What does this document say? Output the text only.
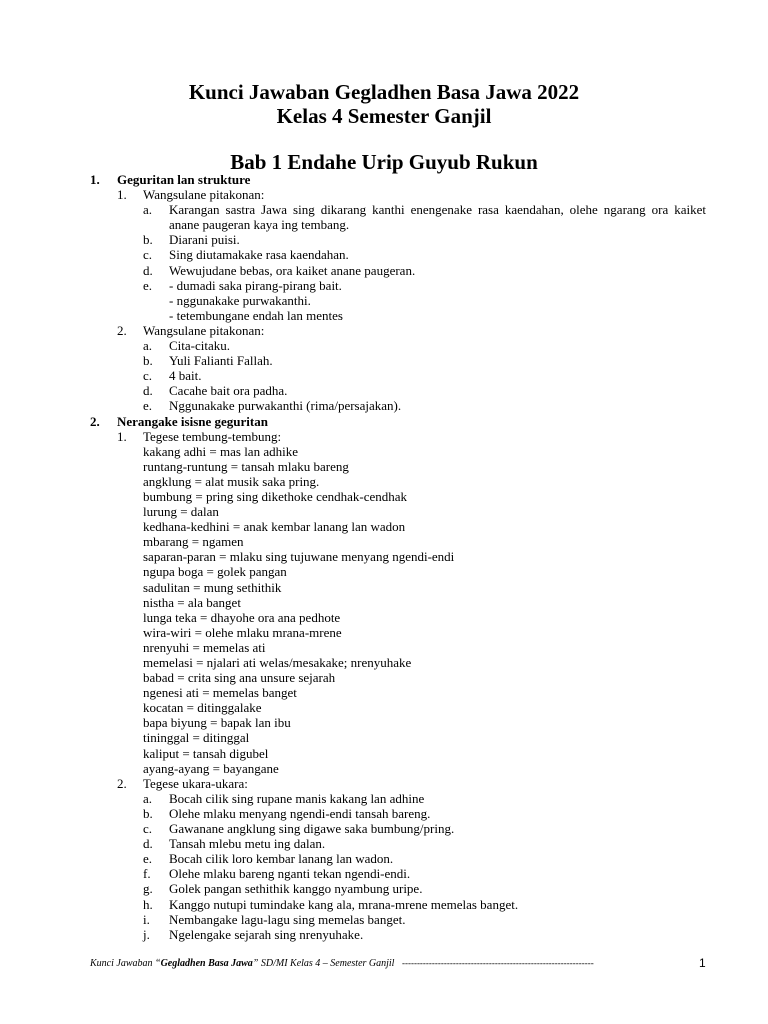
Kunci Jawaban Gegladhen Basa Jawa 2022
Kelas 4 Semester Ganjil
Bab 1 Endahe Urip Guyub Rukun
1. Geguritan lan strukture
1. Wangsulane pitakonan:
a. Karangan sastra Jawa sing dikarang kanthi enengenake rasa kaendahan, olehe ngarang ora kaiket anane paugeran kaya ing tembang.
b. Diarani puisi.
c. Sing diutamakake rasa kaendahan.
d. Wewujudane bebas, ora kaiket anane paugeran.
e. - dumadi saka pirang-pirang bait.
- nggunakake purwakanthi.
- tetembungane endah lan mentes
2. Wangsulane pitakonan:
a. Cita-citaku.
b. Yuli Falianti Fallah.
c. 4 bait.
d. Cacahe bait ora padha.
e. Nggunakake purwakanthi (rima/persajakan).
2. Nerangake isisne geguritan
1. Tegese tembung-tembung:
kakang adhi = mas lan adhike
runtang-runtung = tansah mlaku bareng
angklung = alat musik saka pring.
bumbung = pring sing dikethoke cendhak-cendhak
lurung = dalan
kedhana-kedhini = anak kembar lanang lan wadon
mbarang = ngamen
saparan-paran = mlaku sing tujuwane menyang ngendi-endi
ngupa boga = golek pangan
sadulitan = mung sethithik
nistha = ala banget
lunga teka = dhayohe ora ana pedhote
wira-wiri = olehe mlaku mrana-mrene
nrenyuhi = memelas ati
memelasi = njalari ati welas/mesakake; nrenyuhake
babad = crita sing ana unsure sejarah
ngenesi ati = memelas banget
kocatan = ditinggalake
bapa biyung = bapak lan ibu
tininggal = ditinggal
kaliput = tansah digubel
ayang-ayang = bayangane
2. Tegese ukara-ukara:
a. Bocah cilik sing rupane manis kakang lan adhine
b. Olehe mlaku menyang ngendi-endi tansah bareng.
c. Gawanane angklung sing digawe saka bumbung/pring.
d. Tansah mlebu metu ing dalan.
e. Bocah cilik loro kembar lanang lan wadon.
f. Olehe mlaku bareng nganti tekan ngendi-endi.
g. Golek pangan sethithik kanggo nyambung uripe.
h. Kanggo nutupi tumindake kang ala, mrana-mrene memelas banget.
i. Nembangake lagu-lagu sing memelas banget.
j. Ngelengake sejarah sing nrenyuhake.
Kunci Jawaban “Gegladhen Basa Jawa” SD/MI Kelas 4 – Semester Ganjil ----------------------------------------------------------------	1
